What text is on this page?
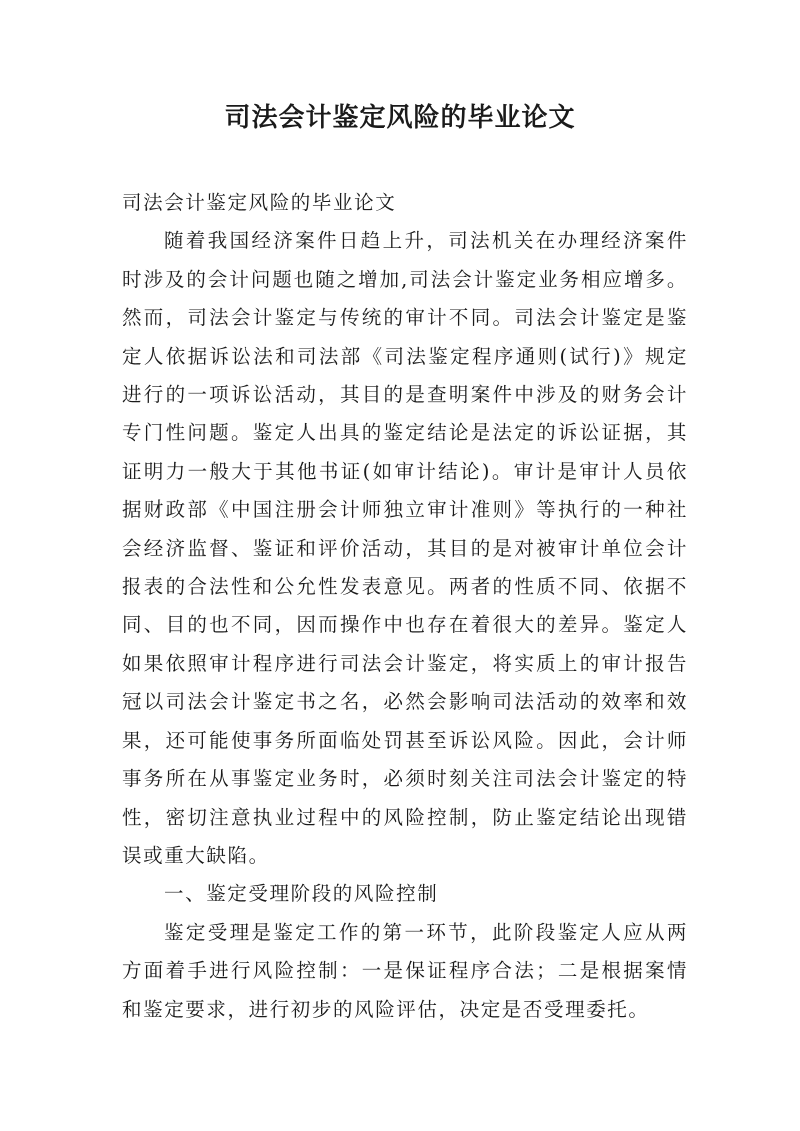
司法会计鉴定风险的毕业论文

司法会计鉴定风险的毕业论文

随着我国经济案件日趋上升，司法机关在办理经济案件时涉及的会计问题也随之增加,司法会计鉴定业务相应增多。然而，司法会计鉴定与传统的审计不同。司法会计鉴定是鉴定人依据诉讼法和司法部《司法鉴定程序通则(试行)》规定进行的一项诉讼活动，其目的是查明案件中涉及的财务会计专门性问题。鉴定人出具的鉴定结论是法定的诉讼证据，其证明力一般大于其他书证(如审计结论)。审计是审计人员依据财政部《中国注册会计师独立审计准则》等执行的一种社会经济监督、鉴证和评价活动，其目的是对被审计单位会计报表的合法性和公允性发表意见。两者的性质不同、依据不同、目的也不同，因而操作中也存在着很大的差异。鉴定人如果依照审计程序进行司法会计鉴定，将实质上的审计报告冠以司法会计鉴定书之名，必然会影响司法活动的效率和效果，还可能使事务所面临处罚甚至诉讼风险。因此，会计师事务所在从事鉴定业务时，必须时刻关注司法会计鉴定的特性，密切注意执业过程中的风险控制，防止鉴定结论出现错误或重大缺陷。

一、鉴定受理阶段的风险控制

鉴定受理是鉴定工作的第一环节，此阶段鉴定人应从两方面着手进行风险控制：一是保证程序合法；二是根据案情和鉴定要求，进行初步的风险评估，决定是否受理委托。
